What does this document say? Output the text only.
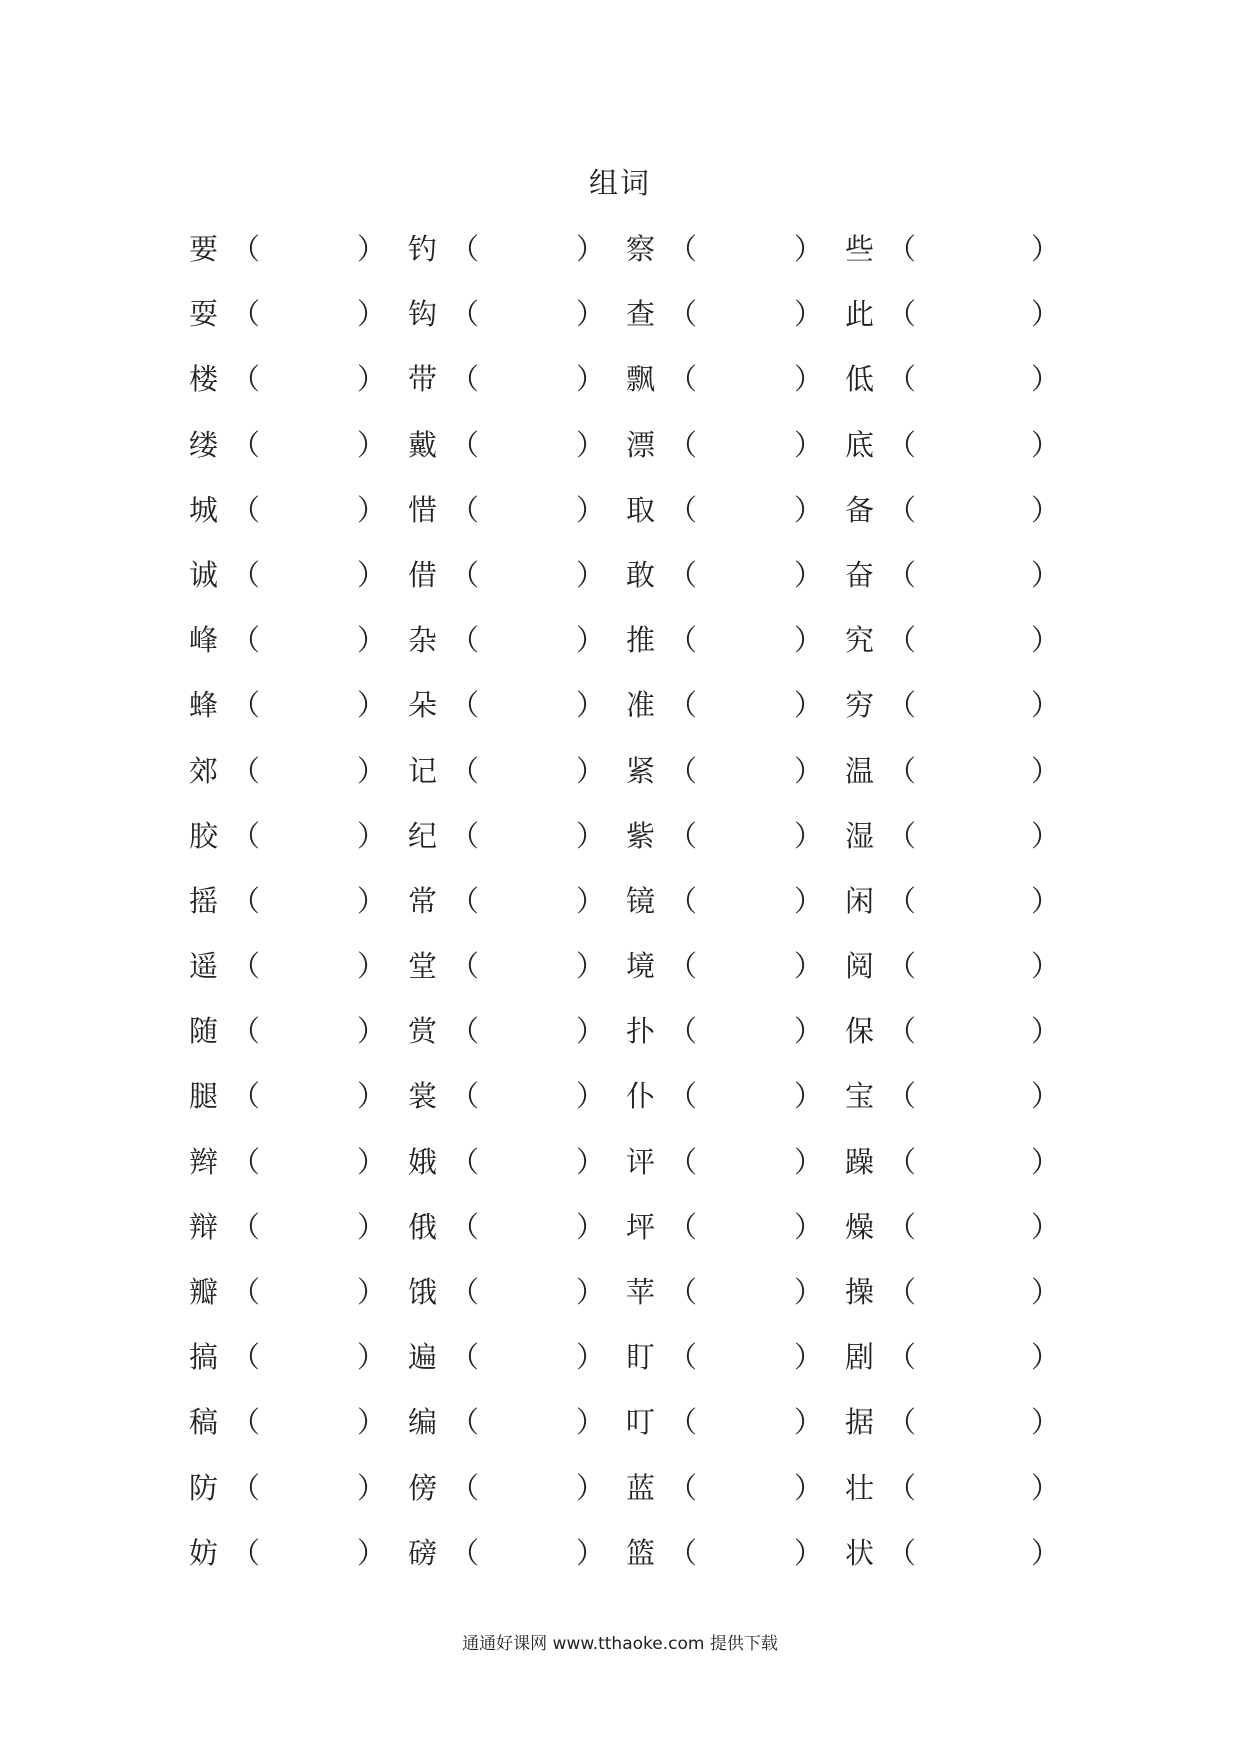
组词
要 （	） 钓 （	） 察 （	） 些 （	）
耍 （	） 钩 （	） 查 （	） 此 （	）
楼 （	） 带 （	） 飘 （	） 低 （	）
缕 （	） 戴 （	） 漂 （	） 底 （	）
城 （	） 惜 （	） 取 （	） 备 （	）
诚 （	） 借 （	） 敢 （	） 奋 （	）
峰 （	） 杂 （	） 推 （	） 究 （	）
蜂 （	） 朵 （	） 准 （	） 穷 （	）
郊 （	） 记 （	） 紧 （	） 温 （	）
胶 （	） 纪 （	） 紫 （	） 湿 （	）
摇 （	） 常 （	） 镜 （	） 闲 （	）
遥 （	） 堂 （	） 境 （	） 阅 （	）
随 （	） 赏 （	） 扑 （	） 保 （	）
腿 （	） 裳 （	） 仆 （	） 宝 （	）
辫 （	） 娥 （	） 评 （	） 躁 （	）
辩 （	） 俄 （	） 坪 （	） 燥 （	）
瓣 （	） 饿 （	） 苹 （	） 操 （	）
搞 （	） 遍 （	） 盯 （	） 剧 （	）
稿 （	） 编 （	） 叮 （	） 据 （	）
防 （	） 傍 （	） 蓝 （	） 壮 （	）
妨 （	） 磅 （	） 篮 （	） 状 （	）
通通好课网 www.tthaoke.com 提供下载
